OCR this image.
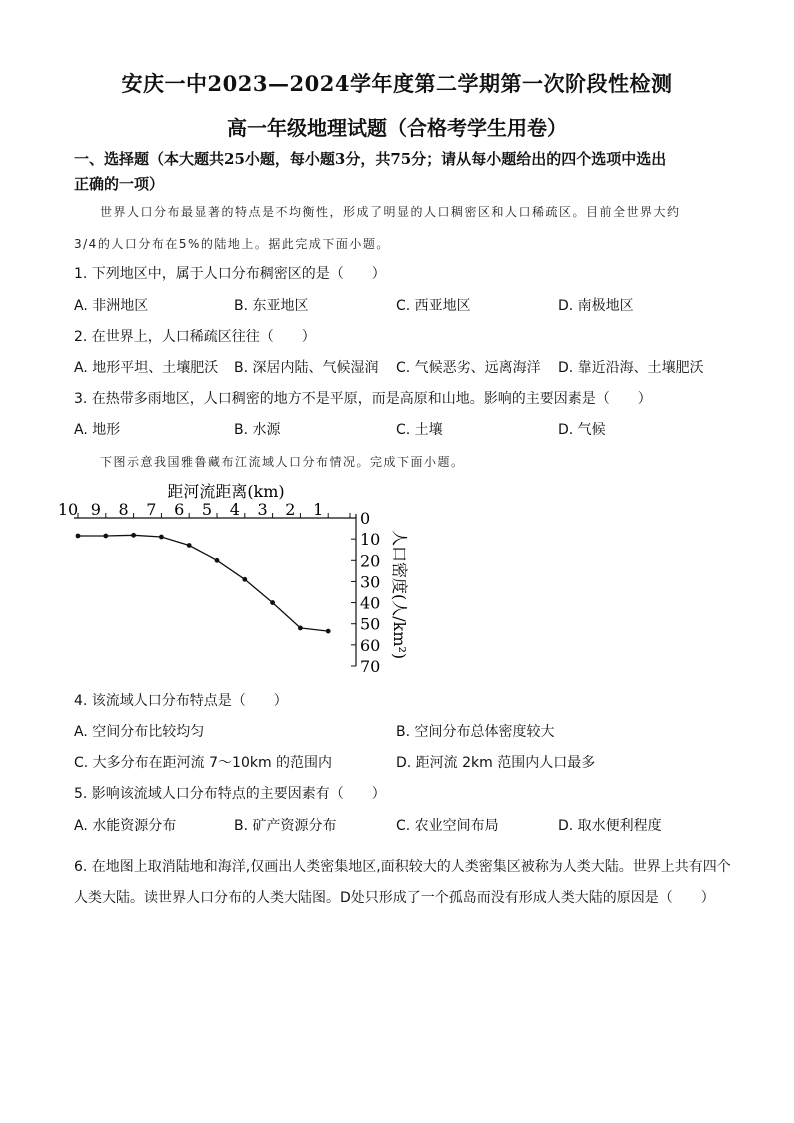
安庆一中2023—2024学年度第二学期第一次阶段性检测
高一年级地理试题（合格考学生用卷）
一、选择题（本大题共25小题，每小题3分，共75分；请从每小题给出的四个选项中选出
正确的一项）
世界人口分布最显著的特点是不均衡性，形成了明显的人口稠密区和人口稀疏区。目前全世界大约
3/4的人口分布在5%的陆地上。据此完成下面小题。
1. 下列地区中，属于人口分布稠密区的是（　　）
A. 非洲地区	B. 东亚地区	C. 西亚地区	D. 南极地区
2. 在世界上，人口稀疏区往往（　　）
A. 地形平坦、土壤肥沃 B. 深居内陆、气候湿润 C. 气候恶劣、远离海洋 D. 靠近沿海、土壤肥沃
3. 在热带多雨地区，人口稠密的地方不是平原，而是高原和山地。影响的主要因素是（　　）
A. 地形	B. 水源	C. 土壤	D. 气候
下图示意我国雅鲁藏布江流域人口分布情况。完成下面小题。
距河流距离(km)
10 9 8 7 6 5 4 3 2 1 0
10
20
30
40
50
60
70
人口密度(人/km²)
4. 该流域人口分布特点是（　　）
A. 空间分布比较均匀	B. 空间分布总体密度较大
C. 大多分布在距河流 7～10km 的范围内	D. 距河流 2km 范围内人口最多
5. 影响该流域人口分布特点的主要因素有（　　）
A. 水能资源分布	B. 矿产资源分布	C. 农业空间布局	D. 取水便利程度
6. 在地图上取消陆地和海洋,仅画出人类密集地区,面积较大的人类密集区被称为人类大陆。世界上共有四个
人类大陆。读世界人口分布的人类大陆图。D处只形成了一个孤岛而没有形成人类大陆的原因是（　　）
